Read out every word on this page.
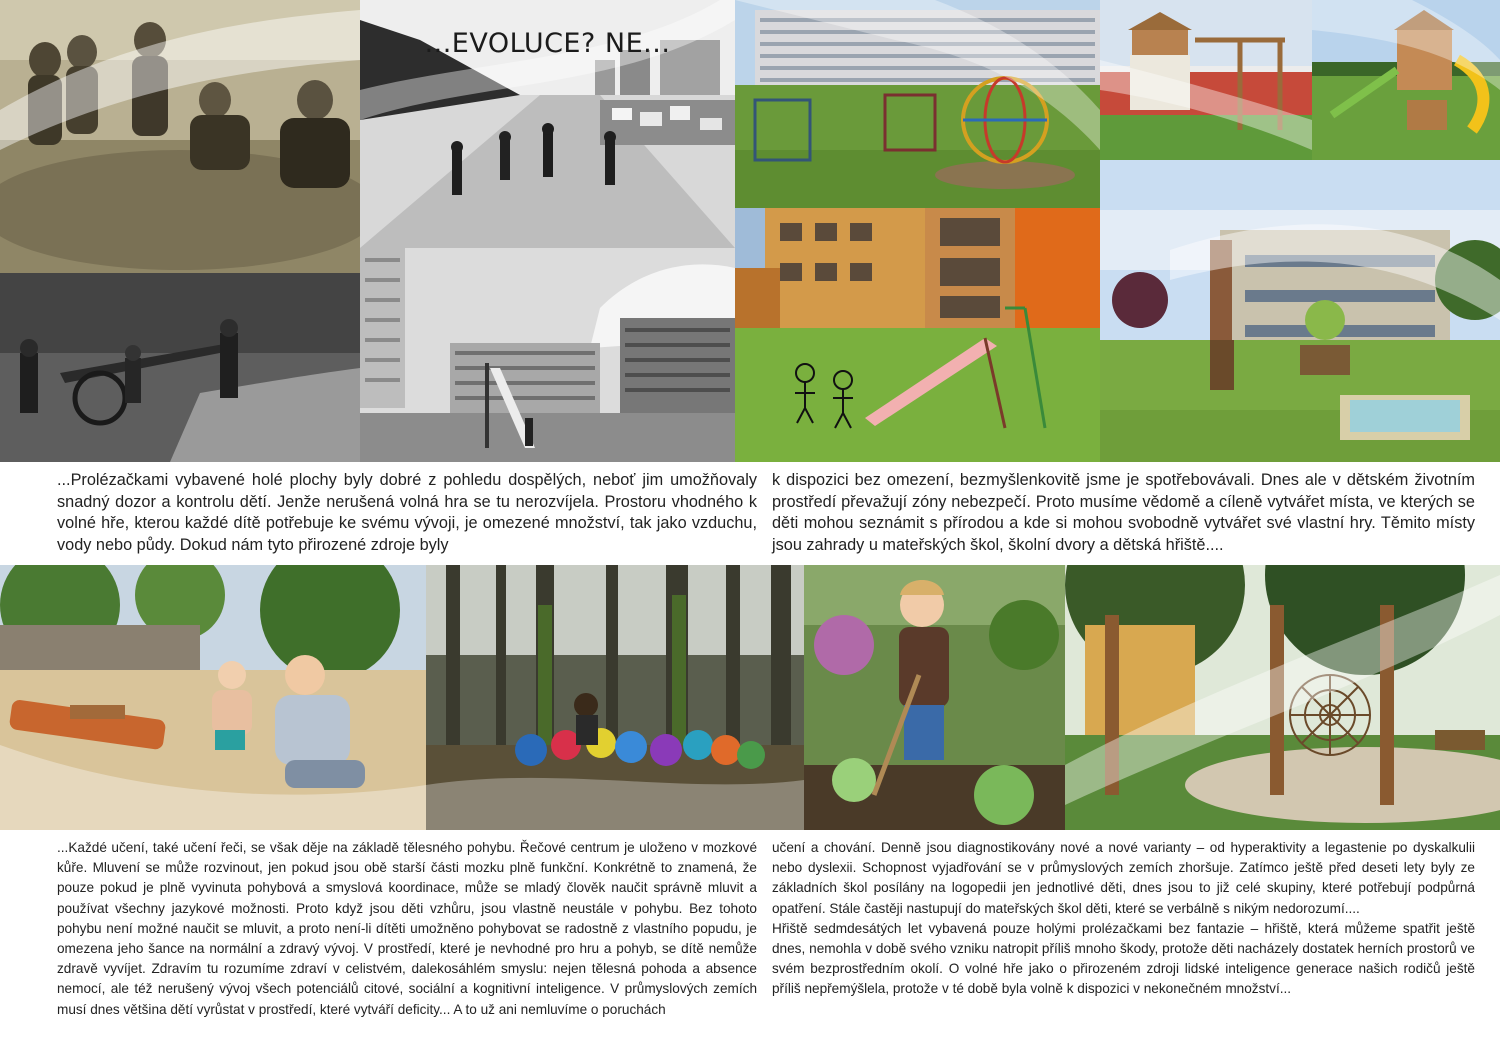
...EVOLUCE? NE...

...Prolézačkami vybavené holé plochy byly dobré z pohledu dospělých, neboť jim umožňovaly snadný dozor a kontrolu dětí. Jenže nerušená volná hra se tu nerozvíjela. Prostoru vhodného k volné hře, kterou každé dítě potřebuje ke svému vývoji, je omezené množství, tak jako vzduchu, vody nebo půdy. Dokud nám tyto přirozené zdroje byly

k dispozici bez omezení, bezmyšlenkovitě jsme je spotřebovávali. Dnes ale v dětském životním prostředí převažují zóny nebezpečí. Proto musíme vědomě a cíleně vytvářet místa, ve kterých se děti mohou seznámit s přírodou a kde si mohou svobodně vytvářet své vlastní hry. Těmito místy jsou zahrady u mateřských škol, školní dvory a dětská hřiště....

...Každé učení, také učení řeči, se však děje na základě tělesného pohybu. Řečové centrum je uloženo v mozkové kůře. Mluvení se může rozvinout, jen pokud jsou obě starší části mozku plně funkční. Konkrétně to znamená, že pouze pokud je plně vyvinuta pohybová a smyslová koordinace, může se mladý člověk naučit správně mluvit a používat všechny jazykové možnosti. Proto když jsou děti vzhůru, jsou vlastně neustále v pohybu. Bez tohoto pohybu není možné naučit se mluvit, a proto není-li dítěti umožněno pohybovat se radostně z vlastního popudu, je omezena jeho šance na normální a zdravý vývoj. V prostředí, které je nevhodné pro hru a pohyb, se dítě nemůže zdravě vyvíjet. Zdravím tu rozumíme zdraví v celistvém, dalekosáhlém smyslu: nejen tělesná pohoda a absence nemocí, ale též nerušený vývoj všech potenciálů citové, sociální a kognitivní inteligence. V průmyslových zemích musí dnes většina dětí vyrůstat v prostředí, které vytváří deficity... A to už ani nemluvíme o poruchách

učení a chování. Denně jsou diagnostikovány nové a nové varianty – od hyperaktivity a legastenie po dyskalkulii nebo dyslexii. Schopnost vyjadřování se v průmyslových zemích zhoršuje. Zatímco ještě před deseti lety byly ze základních škol posílány na logopedii jen jednotlivé děti, dnes jsou to již celé skupiny, které potřebují podpůrná opatření. Stále častěji nastupují do mateřských škol děti, které se verbálně s nikým nedorozumí....

Hřiště sedmdesátých let vybavená pouze holými prolézačkami bez fantazie – hřiště, která můžeme spatřit ještě dnes, nemohla v době svého vzniku natropit příliš mnoho škody, protože děti nacházely dostatek herních prostorů ve svém bezprostředním okolí. O volné hře jako o přirozeném zdroji lidské inteligence generace našich rodičů ještě příliš nepřemýšlela, protože v té době byla volně k dispozici v nekonečném množství...
